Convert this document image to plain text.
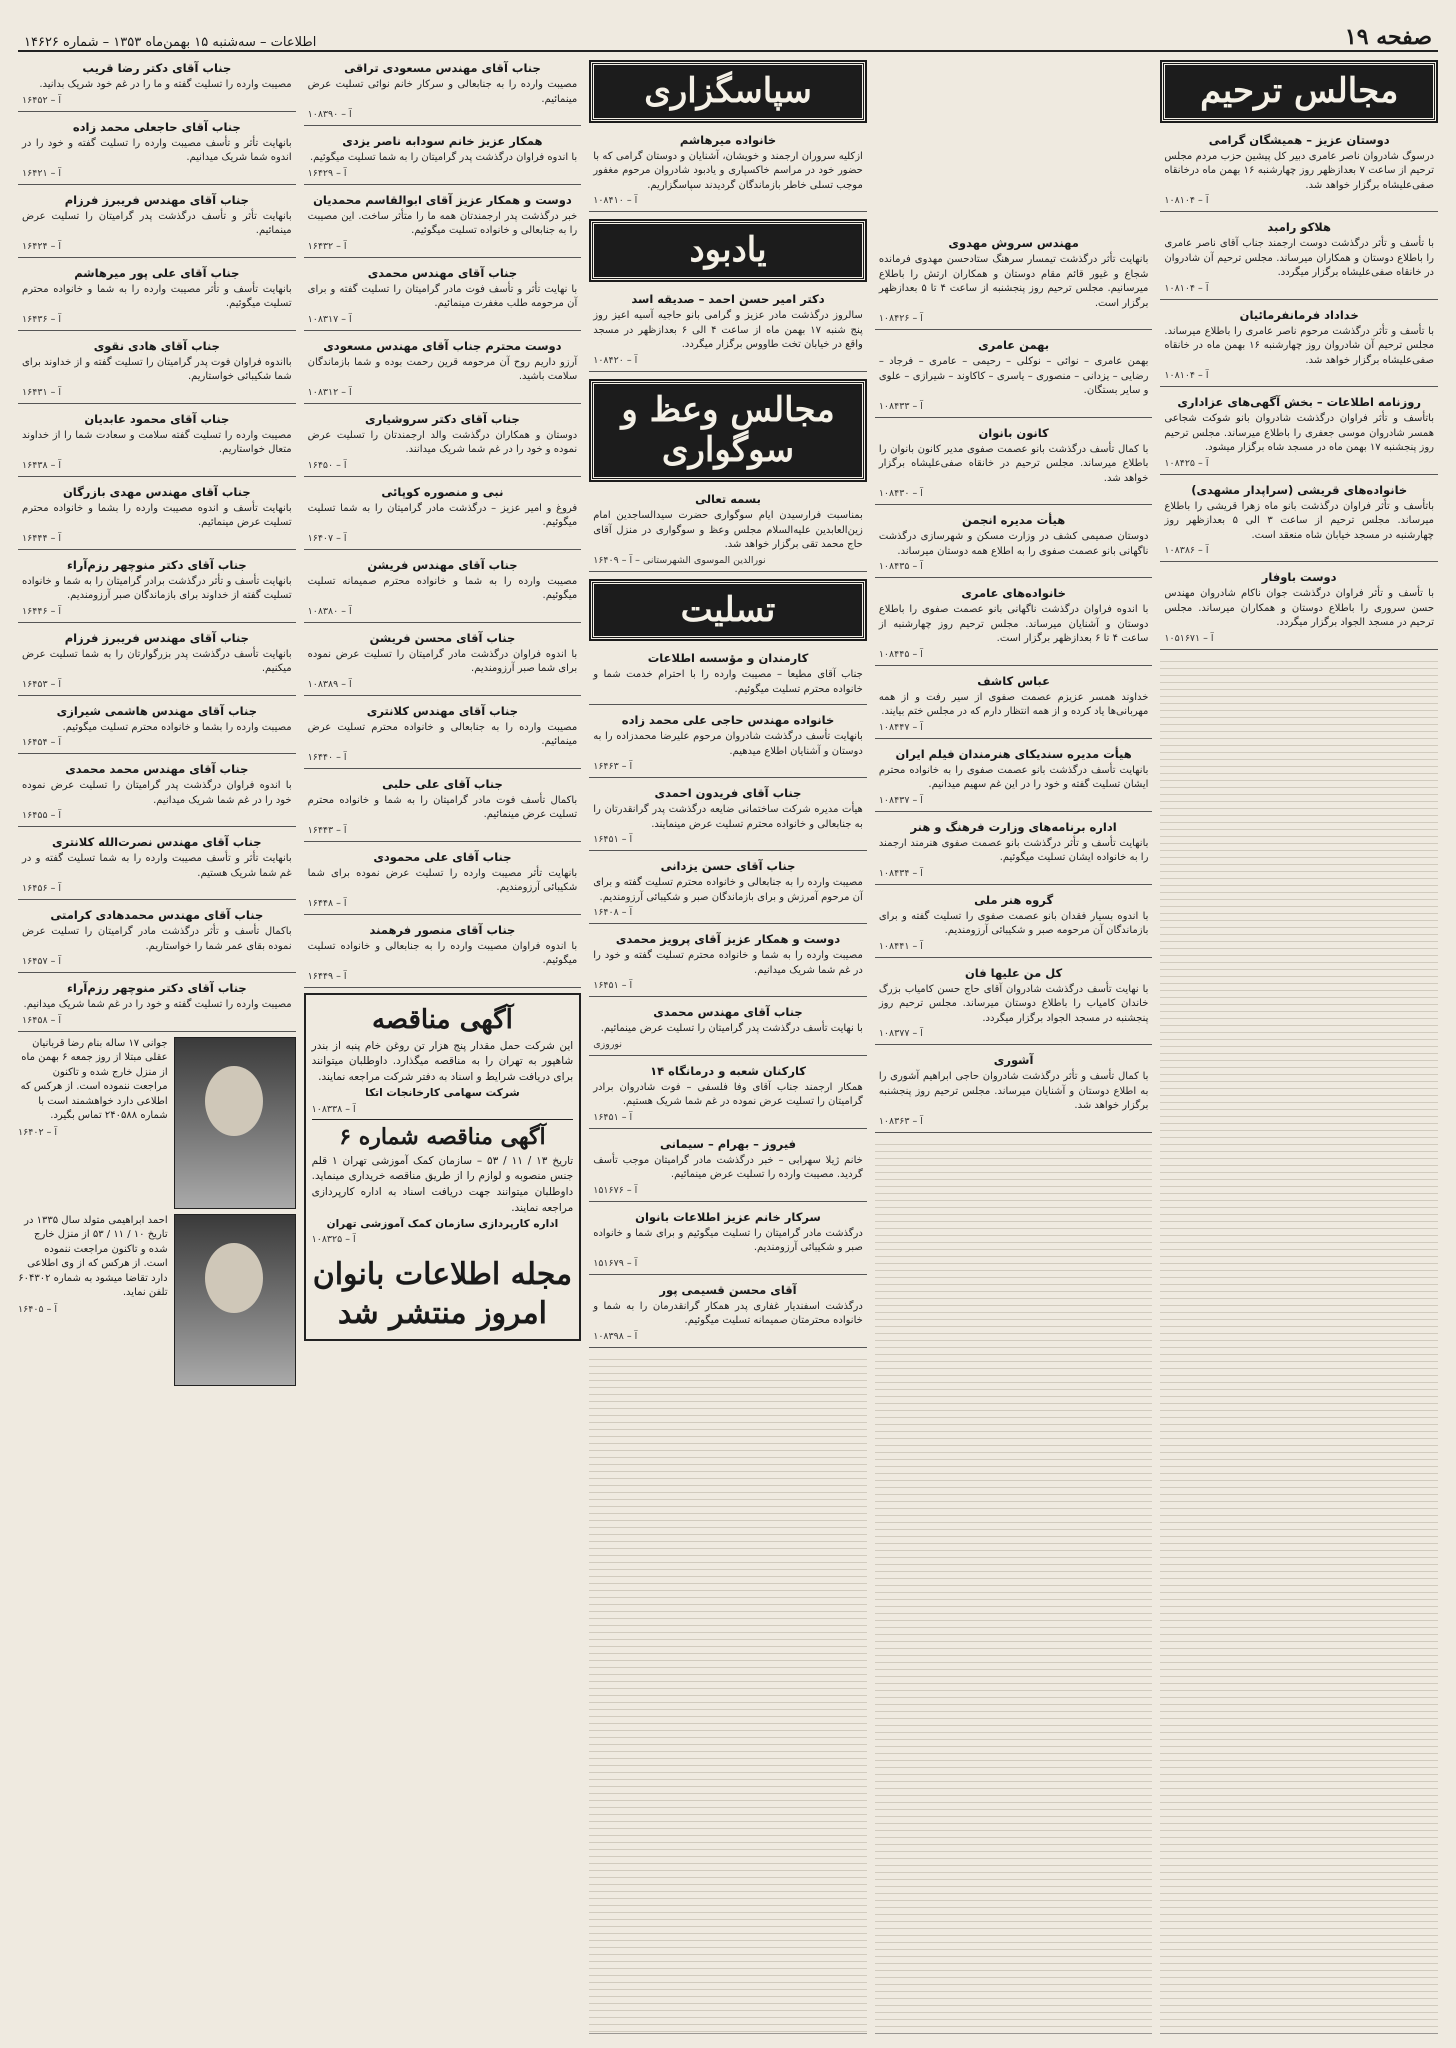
صفحه ۱۹
اطلاعات – سه‌شنبه ۱۵ بهمن‌ماه ۱۳۵۳ – شماره ۱۴۶۲۶
مجالس ترحیم
دوستان عزیز – همیشگان گرامی

درسوگ شادروان ناصر عامری دبیر کل پیشین حزب مردم مجلس ترحیم از ساعت ۷ بعدازظهر روز چهارشنبه ۱۶ بهمن ماه درخانقاه صفی‌علیشاه برگزار خواهد شد.

آ – ۱۰۸۱۰۴
هلاکو رامبد

با تأسف و تأثر درگذشت دوست ارجمند جناب آقای ناصر عامری را باطلاع دوستان و همکاران میرساند. مجلس ترحیم آن شادروان در خانقاه صفی‌علیشاه برگزار میگردد.

آ – ۱۰۸۱۰۴
خداداد فرمانفرمائیان

با تأسف و تأثر درگذشت مرحوم ناصر عامری را باطلاع میرساند. مجلس ترحیم آن شادروان روز چهارشنبه ۱۶ بهمن ماه در خانقاه صفی‌علیشاه برگزار خواهد شد.

آ – ۱۰۸۱۰۴
روزنامه اطلاعات – بخش آگهی‌های عزاداری

باتأسف و تأثر فراوان درگذشت شادروان بانو شوکت شجاعی همسر شادروان موسی جعفری را باطلاع میرساند. مجلس ترحیم روز پنجشنبه ۱۷ بهمن ماه در مسجد شاه برگزار میشود.

آ – ۱۰۸۴۲۵
خانواده‌های قریشی (سراپدار مشهدی)

باتأسف و تأثر فراوان درگذشت بانو ماه زهرا قریشی را باطلاع میرساند. مجلس ترحیم از ساعت ۳ الی ۵ بعدازظهر روز چهارشنبه در مسجد خیابان شاه منعقد است.

آ – ۱۰۸۳۸۶
دوست باوفار

با تأسف و تأثر فراوان درگذشت جوان ناکام شادروان مهندس حسن سروری را باطلاع دوستان و همکاران میرساند. مجلس ترحیم در مسجد الجواد برگزار میگردد.

آ – ۱۰۵۱۶۷۱
مهندس سروش مهدوی

بانهایت تأثر درگذشت تیمسار سرهنگ ستادحسن مهدوی فرمانده شجاع و غیور قائم مقام دوستان و همکاران ارتش را باطلاع میرسانیم. مجلس ترحیم روز پنجشنبه از ساعت ۴ تا ۵ بعدازظهر برگزار است.

آ – ۱۰۸۴۲۶
بهمن عامری

بهمن عامری – نوائی – نوکلی – رحیمی – عامری – فرجاد – رضایی – یزدانی – منصوری – یاسری – کاکاوند – شیرازی – علوی و سایر بستگان.

آ – ۱۰۸۴۳۳
کانون بانوان

با کمال تأسف درگذشت بانو عصمت صفوی مدیر کانون بانوان را باطلاع میرساند. مجلس ترحیم در خانقاه صفی‌علیشاه برگزار خواهد شد.

آ – ۱۰۸۴۳۰
هیأت مدیره انجمن

دوستان صمیمی کشف در وزارت مسکن و شهرسازی درگذشت ناگهانی بانو عصمت صفوی را به اطلاع همه دوستان میرساند.

آ – ۱۰۸۴۳۵
خانواده‌های عامری

با اندوه فراوان درگذشت ناگهانی بانو عصمت صفوی را باطلاع دوستان و آشنایان میرساند. مجلس ترحیم روز چهارشنبه از ساعت ۴ تا ۶ بعدازظهر برگزار است.

آ – ۱۰۸۴۴۵
عباس کاشف

خداوند همسر عزیزم عصمت صفوی از سیر رفت و از همه مهربانی‌ها یاد کرده و از همه انتظار دارم که در مجلس ختم بیایند.

آ – ۱۰۸۴۴۷
هیأت مدیره سندیکای هنرمندان فیلم ایران

بانهایت تأسف درگذشت بانو عصمت صفوی را به خانواده محترم ایشان تسلیت گفته و خود را در این غم سهیم میدانیم.

آ – ۱۰۸۴۳۷
اداره برنامه‌های وزارت فرهنگ و هنر

بانهایت تأسف و تأثر درگذشت بانو عصمت صفوی هنرمند ارجمند را به خانواده ایشان تسلیت میگوئیم.

آ – ۱۰۸۴۳۴
گروه هنر ملی

با اندوه بسیار فقدان بانو عصمت صفوی را تسلیت گفته و برای بازماندگان آن مرحومه صبر و شکیبائی آرزومندیم.

آ – ۱۰۸۴۴۱
کل من علیها فان

با نهایت تأسف درگذشت شادروان آقای حاج حسن کامیاب بزرگ خاندان کامیاب را باطلاع دوستان میرساند. مجلس ترحیم روز پنجشنبه در مسجد الجواد برگزار میگردد.

آ – ۱۰۸۳۷۷
آشوری

با کمال تأسف و تأثر درگذشت شادروان حاجی ابراهیم آشوری را به اطلاع دوستان و آشنایان میرساند. مجلس ترحیم روز پنجشنبه برگزار خواهد شد.

آ – ۱۰۸۳۶۳
سپاسگزاری
خانواده میرهاشم

ازکلیه سروران ارجمند و خویشان، آشنایان و دوستان گرامی که با حضور خود در مراسم خاکسپاری و یادبود شادروان مرحوم مغفور موجب تسلی خاطر بازماندگان گردیدند سپاسگزاریم.

آ – ۱۰۸۴۱۰
یادبود
دکتر امیر حسن احمد – صدیقه اسد

سالروز درگذشت مادر عزیز و گرامی بانو حاجیه آسیه اعیز روز پنج شنبه ۱۷ بهمن ماه از ساعت ۴ الی ۶ بعدازظهر در مسجد واقع در خیابان تخت طاووس برگزار میگردد.

آ – ۱۰۸۴۲۰
مجالس وعظ و سوگواری
بسمه تعالی

بمناسبت فرارسیدن ایام سوگواری حضرت سیدالساجدین امام زین‌العابدین علیه‌السلام مجلس وعظ و سوگواری در منزل آقای حاج محمد تقی برگزار خواهد شد.

نورالدین الموسوی الشهرستانی – آ – ۱۶۴۰۹
تسلیت
کارمندان و مؤسسه اطلاعات

جناب آقای مطیعا – مصیبت وارده را با احترام خدمت شما و خانواده محترم تسلیت میگوئیم.

خانواده مهندس حاجی علی محمد زاده

بانهایت تأسف درگذشت شادروان مرحوم علیرضا محمدزاده را به دوستان و آشنایان اطلاع میدهیم.

آ – ۱۶۴۶۳
جناب آقای فریدون احمدی

هیأت مدیره شرکت ساختمانی ضایعه درگذشت پدر گرانقدرتان را به جنابعالی و خانواده محترم تسلیت عرض مینمایند.

آ – ۱۶۴۵۱
جناب آقای حسن یزدانی

مصیبت وارده را به جنابعالی و خانواده محترم تسلیت گفته و برای آن مرحوم آمرزش و برای بازماندگان صبر و شکیبائی آرزومندیم.

آ – ۱۶۴۰۸
دوست و همکار عزیز آقای پرویز محمدی

مصیبت وارده را به شما و خانواده محترم تسلیت گفته و خود را در غم شما شریک میدانیم.

آ – ۱۶۴۵۱
جناب آقای مهندس محمدی

با نهایت تأسف درگذشت پدر گرامیتان را تسلیت عرض مینمائیم.

نوروزی
کارکنان شعبه و درمانگاه ۱۴

همکار ارجمند جناب آقای وفا فلسفی – فوت شادروان برادر گرامیتان را تسلیت عرض نموده در غم شما شریک هستیم.

آ – ۱۶۴۵۱
فیروز – بهرام – سیمانی

خانم ژیلا سهرابی – خبر درگذشت مادر گرامیتان موجب تأسف گردید. مصیبت وارده را تسلیت عرض مینمائیم.

آ – ۱۵۱۶۷۶
سرکار خانم عزیز اطلاعات بانوان

درگذشت مادر گرامیتان را تسلیت میگوئیم و برای شما و خانواده صبر و شکیبائی آرزومندیم.

آ – ۱۵۱۶۷۹
آقای محسن قسیمی پور

درگذشت اسفندیار غفاری پدر همکار گرانقدرمان را به شما و خانواده محترمتان صمیمانه تسلیت میگوئیم.

آ – ۱۰۸۳۹۸
جناب آقای مهندس مسعودی تراقی

مصیبت وارده را به جنابعالی و سرکار خانم نوائی تسلیت عرض مینمائیم.

آ – ۱۰۸۳۹۰
همکار عزیز خانم سودابه ناصر یزدی

با اندوه فراوان درگذشت پدر گرامیتان را به شما تسلیت میگوئیم.

آ – ۱۶۴۲۹
دوست و همکار عزیز آقای ابوالقاسم محمدیان

خبر درگذشت پدر ارجمندتان همه ما را متأثر ساخت. این مصیبت را به جنابعالی و خانواده تسلیت میگوئیم.

آ – ۱۶۴۳۲
جناب آقای مهندس محمدی

با نهایت تأثر و تأسف فوت مادر گرامیتان را تسلیت گفته و برای آن مرحومه طلب مغفرت مینمائیم.

آ – ۱۰۸۳۱۷
دوست محترم جناب آقای مهندس مسعودی

آرزو داریم روح آن مرحومه قرین رحمت بوده و شما بازماندگان سلامت باشید.

آ – ۱۰۸۳۱۲
جناب آقای دکتر سروشیاری

دوستان و همکاران درگذشت والد ارجمندتان را تسلیت عرض نموده و خود را در غم شما شریک میدانند.

آ – ۱۶۴۵۰
نبی و منصوره کوپائی

فروغ و امیر عزیز – درگذشت مادر گرامیتان را به شما تسلیت میگوئیم.

آ – ۱۶۴۰۷
جناب آقای مهندس فریشن

مصیبت وارده را به شما و خانواده محترم صمیمانه تسلیت میگوئیم.

آ – ۱۰۸۳۸۰
جناب آقای محسن فریشن

با اندوه فراوان درگذشت مادر گرامیتان را تسلیت عرض نموده برای شما صبر آرزومندیم.

آ – ۱۰۸۳۸۹
جناب آقای مهندس کلانتری

مصیبت وارده را به جنابعالی و خانواده محترم تسلیت عرض مینمائیم.

آ – ۱۶۴۴۰
جناب آقای علی حلبی

باکمال تأسف فوت مادر گرامیتان را به شما و خانواده محترم تسلیت عرض مینمائیم.

آ – ۱۶۴۴۳
جناب آقای علی محمودی

بانهایت تأثر مصیبت وارده را تسلیت عرض نموده برای شما شکیبائی آرزومندیم.

آ – ۱۶۴۴۸
جناب آقای منصور فرهمند

با اندوه فراوان مصیبت وارده را به جنابعالی و خانواده تسلیت میگوئیم.

آ – ۱۶۴۴۹
آگهی مناقصه
این شرکت حمل مقدار پنج هزار تن روغن خام پنبه از بندر شاهپور به تهران را به مناقصه میگذارد. داوطلبان میتوانند برای دریافت شرایط و اسناد به دفتر شرکت مراجعه نمایند.
شرکت سهامی کارخانجات اتکا
آ – ۱۰۸۳۳۸
آگهی مناقصه شماره ۶
تاریخ ۱۳ / ۱۱ / ۵۳ – سازمان کمک آموزشی تهران ۱ قلم جنس منصوبه و لوازم را از طریق مناقصه خریداری مینماید. داوطلبان میتوانند جهت دریافت اسناد به اداره کارپردازی مراجعه نمایند.
اداره کارپردازی سازمان کمک آموزشی تهران
آ – ۱۰۸۳۲۵
مجله اطلاعات بانوان امروز منتشر شد
جناب آقای دکتر رضا قریب

مصیبت وارده را تسلیت گفته و ما را در غم خود شریک بدانید.

آ – ۱۶۴۵۲
جناب آقای حاجعلی محمد زاده

بانهایت تأثر و تأسف مصیبت وارده را تسلیت گفته و خود را در اندوه شما شریک میدانیم.

آ – ۱۶۴۲۱
جناب آقای مهندس فریبرز فرزام

بانهایت تأثر و تأسف درگذشت پدر گرامیتان را تسلیت عرض مینمائیم.

آ – ۱۶۴۲۴
جناب آقای علی پور میرهاشم

بانهایت تأسف و تأثر مصیبت وارده را به شما و خانواده محترم تسلیت میگوئیم.

آ – ۱۶۴۳۶
جناب آقای هادی نقوی

بااندوه فراوان فوت پدر گرامیتان را تسلیت گفته و از خداوند برای شما شکیبائی خواستاریم.

آ – ۱۶۴۳۱
جناب آقای محمود عابدیان

مصیبت وارده را تسلیت گفته سلامت و سعادت شما را از خداوند متعال خواستاریم.

آ – ۱۶۴۳۸
جناب آقای مهندس مهدی بازرگان

بانهایت تأسف و اندوه مصیبت وارده را بشما و خانواده محترم تسلیت عرض مینمائیم.

آ – ۱۶۴۴۴
جناب آقای دکتر منوچهر رزم‌آراء

بانهایت تأسف و تأثر درگذشت برادر گرامیتان را به شما و خانواده تسلیت گفته از خداوند برای بازماندگان صبر آرزومندیم.

آ – ۱۶۴۴۶
جناب آقای مهندس فریبرز فرزام

بانهایت تأسف درگذشت پدر بزرگوارتان را به شما تسلیت عرض میکنیم.

آ – ۱۶۴۵۳
جناب آقای مهندس هاشمی شیرازی

مصیبت وارده را بشما و خانواده محترم تسلیت میگوئیم.

آ – ۱۶۴۵۴
جناب آقای مهندس محمد محمدی

با اندوه فراوان درگذشت پدر گرامیتان را تسلیت عرض نموده خود را در غم شما شریک میدانیم.

آ – ۱۶۴۵۵
جناب آقای مهندس نصرت‌الله کلانتری

بانهایت تأثر و تأسف مصیبت وارده را به شما تسلیت گفته و در غم شما شریک هستیم.

آ – ۱۶۴۵۶
جناب آقای مهندس محمدهادی کرامتی

باکمال تأسف و تأثر درگذشت مادر گرامیتان را تسلیت عرض نموده بقای عمر شما را خواستاریم.

آ – ۱۶۴۵۷
جناب آقای دکتر منوچهر رزم‌آراء

مصیبت وارده را تسلیت گفته و خود را در غم شما شریک میدانیم.

آ – ۱۶۴۵۸
جوانی ۱۷ ساله بنام رضا قربانیان عقلی مبتلا از روز جمعه ۶ بهمن ماه از منزل خارج شده و تاکنون مراجعت ننموده است. از هرکس که اطلاعی دارد خواهشمند است با شماره ۲۴۰۵۸۸ تماس بگیرد.
آ – ۱۶۴۰۲
احمد ابراهیمی متولد سال ۱۳۳۵ در تاریخ ۱۰ / ۱۱ / ۵۳ از منزل خارج شده و تاکنون مراجعت ننموده است. از هرکس که از وی اطلاعی دارد تقاضا میشود به شماره ۶۰۴۳۰۲ تلفن نماید.
آ – ۱۶۴۰۵
